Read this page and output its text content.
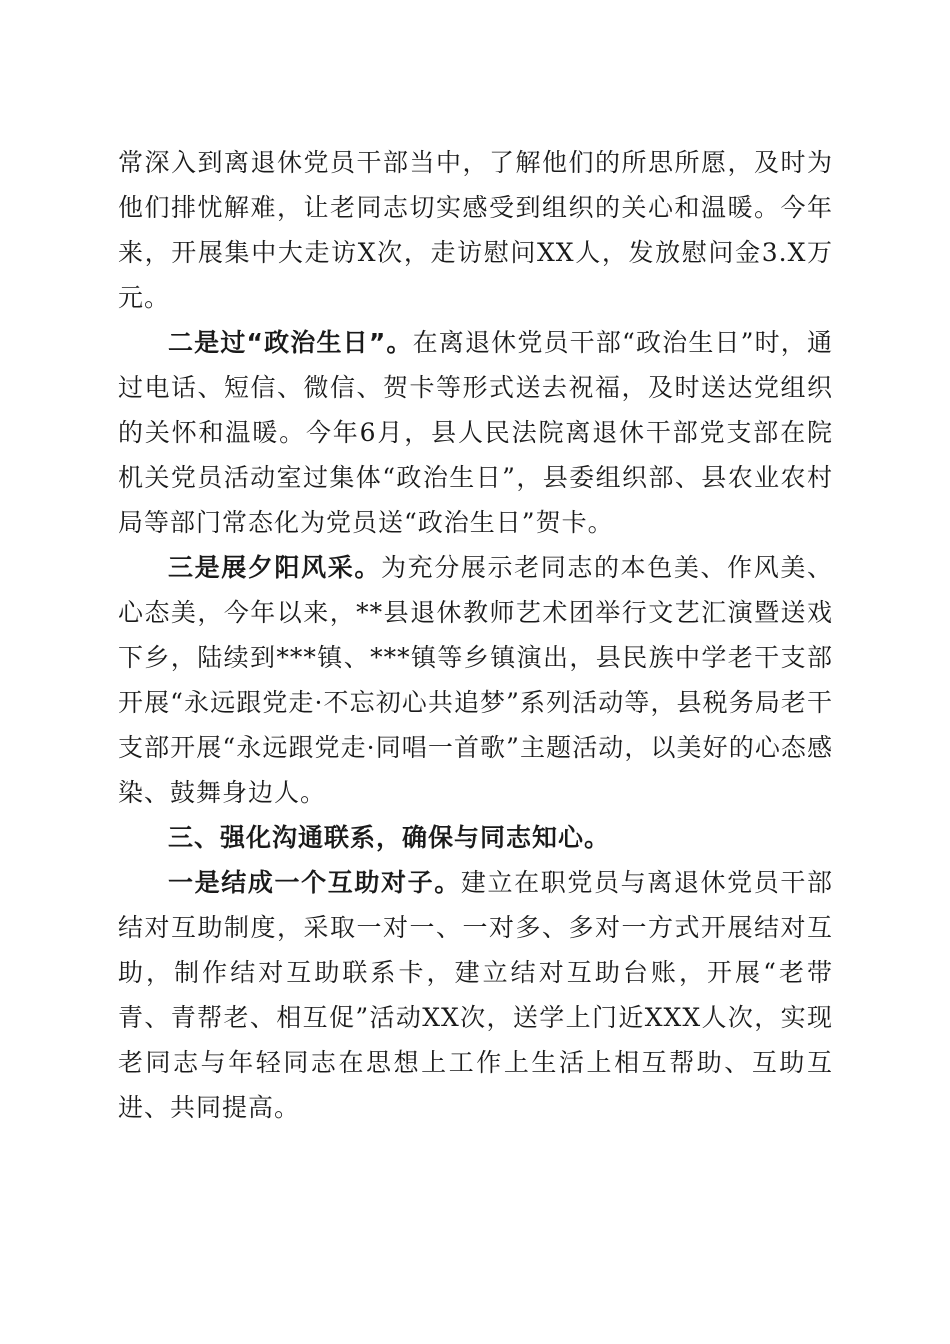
常深入到离退休党员干部当中，了解他们的所思所愿，及时为他们排忧解难，让老同志切实感受到组织的关心和温暖。今年来，开展集中大走访X次，走访慰问XX人，发放慰问金3.X万元。

二是过“政治生日”。在离退休党员干部“政治生日”时，通过电话、短信、微信、贺卡等形式送去祝福，及时送达党组织的关怀和温暖。今年6月，县人民法院离退休干部党支部在院机关党员活动室过集体“政治生日”，县委组织部、县农业农村局等部门常态化为党员送“政治生日”贺卡。

三是展夕阳风采。为充分展示老同志的本色美、作风美、心态美，今年以来，**县退休教师艺术团举行文艺汇演暨送戏下乡，陆续到***镇、***镇等乡镇演出，县民族中学老干支部开展“永远跟党走·不忘初心共追梦”系列活动等，县税务局老干支部开展“永远跟党走·同唱一首歌”主题活动，以美好的心态感染、鼓舞身边人。

三、强化沟通联系，确保与同志知心。

一是结成一个互助对子。建立在职党员与离退休党员干部结对互助制度，采取一对一、一对多、多对一方式开展结对互助，制作结对互助联系卡，建立结对互助台账，开展“老带青、青帮老、相互促”活动XX次，送学上门近XXX人次，实现老同志与年轻同志在思想上工作上生活上相互帮助、互助互进、共同提高。
